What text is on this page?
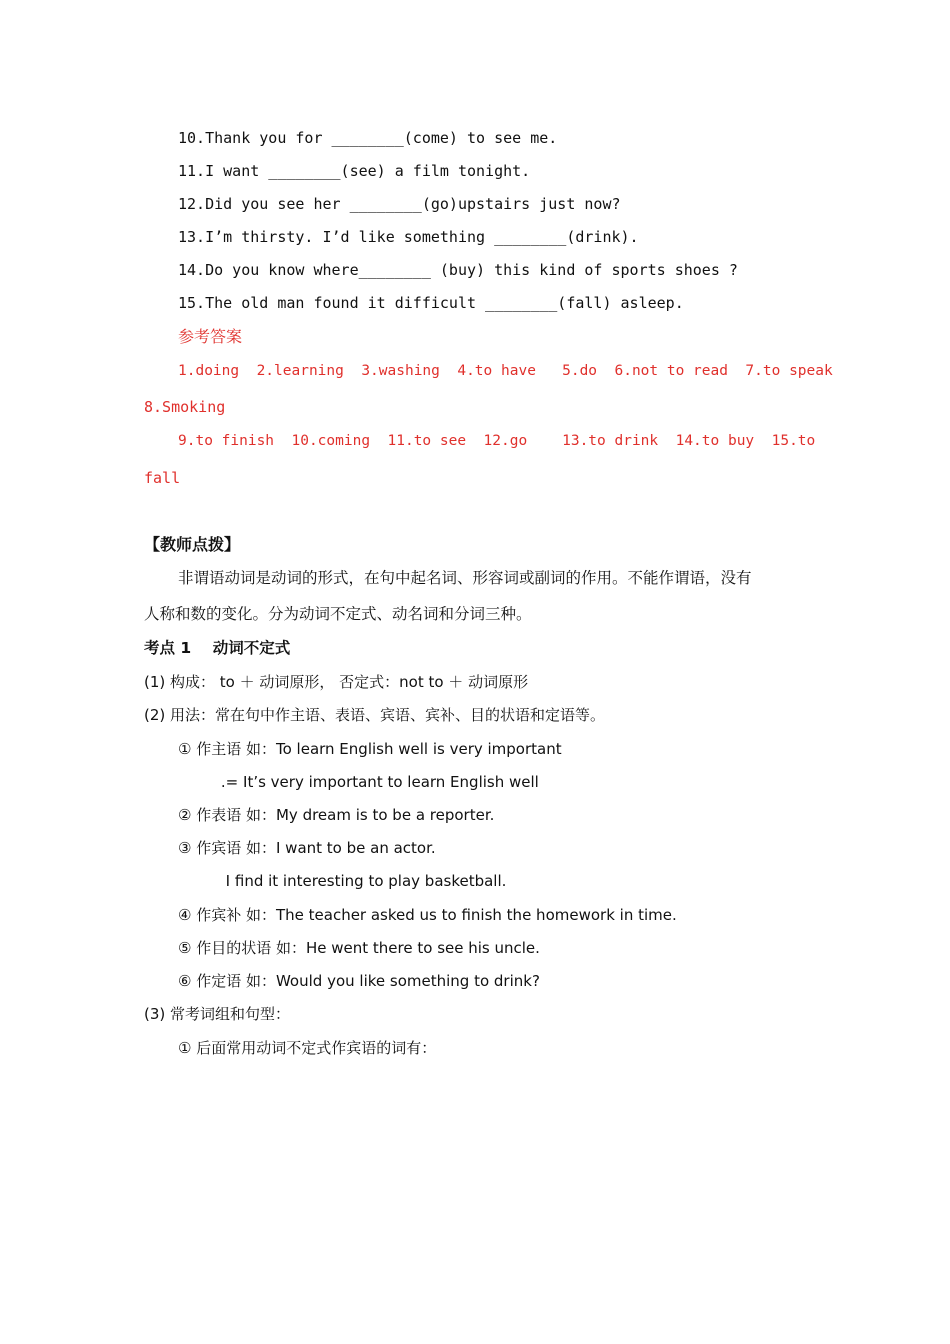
10.Thank you for ________(come) to see me.
11.I want ________(see) a film tonight.
12.Did you see her ________(go)upstairs just now?
13.I’m thirsty. I’d like something ________(drink).
14.Do you know where________ (buy) this kind of sports shoes ?
15.The old man found it difficult ________(fall) asleep.
参考答案
1.doing  2.learning  3.washing  4.to have   5.do  6.not to read  7.to speak
8.Smoking
9.to finish  10.coming  11.to see  12.go    13.to drink  14.to buy  15.to
fall
【教师点拨】
非谓语动词是动词的形式，在句中起名词、形容词或副词的作用。不能作谓语，没有
人称和数的变化。分为动词不定式、动名词和分词三种。
考点 1    动词不定式
(1) 构成： to ＋ 动词原形， 否定式：not to ＋ 动词原形
(2) 用法：常在句中作主语、表语、宾语、宾补、目的状语和定语等。
① 作主语 如：To learn English well is very important
.= It’s very important to learn English well
② 作表语 如：My dream is to be a reporter.
③ 作宾语 如：I want to be an actor.
I find it interesting to play basketball.
④ 作宾补 如：The teacher asked us to finish the homework in time.
⑤ 作目的状语 如：He went there to see his uncle.
⑥ 作定语 如：Would you like something to drink?
(3) 常考词组和句型：
① 后面常用动词不定式作宾语的词有：
